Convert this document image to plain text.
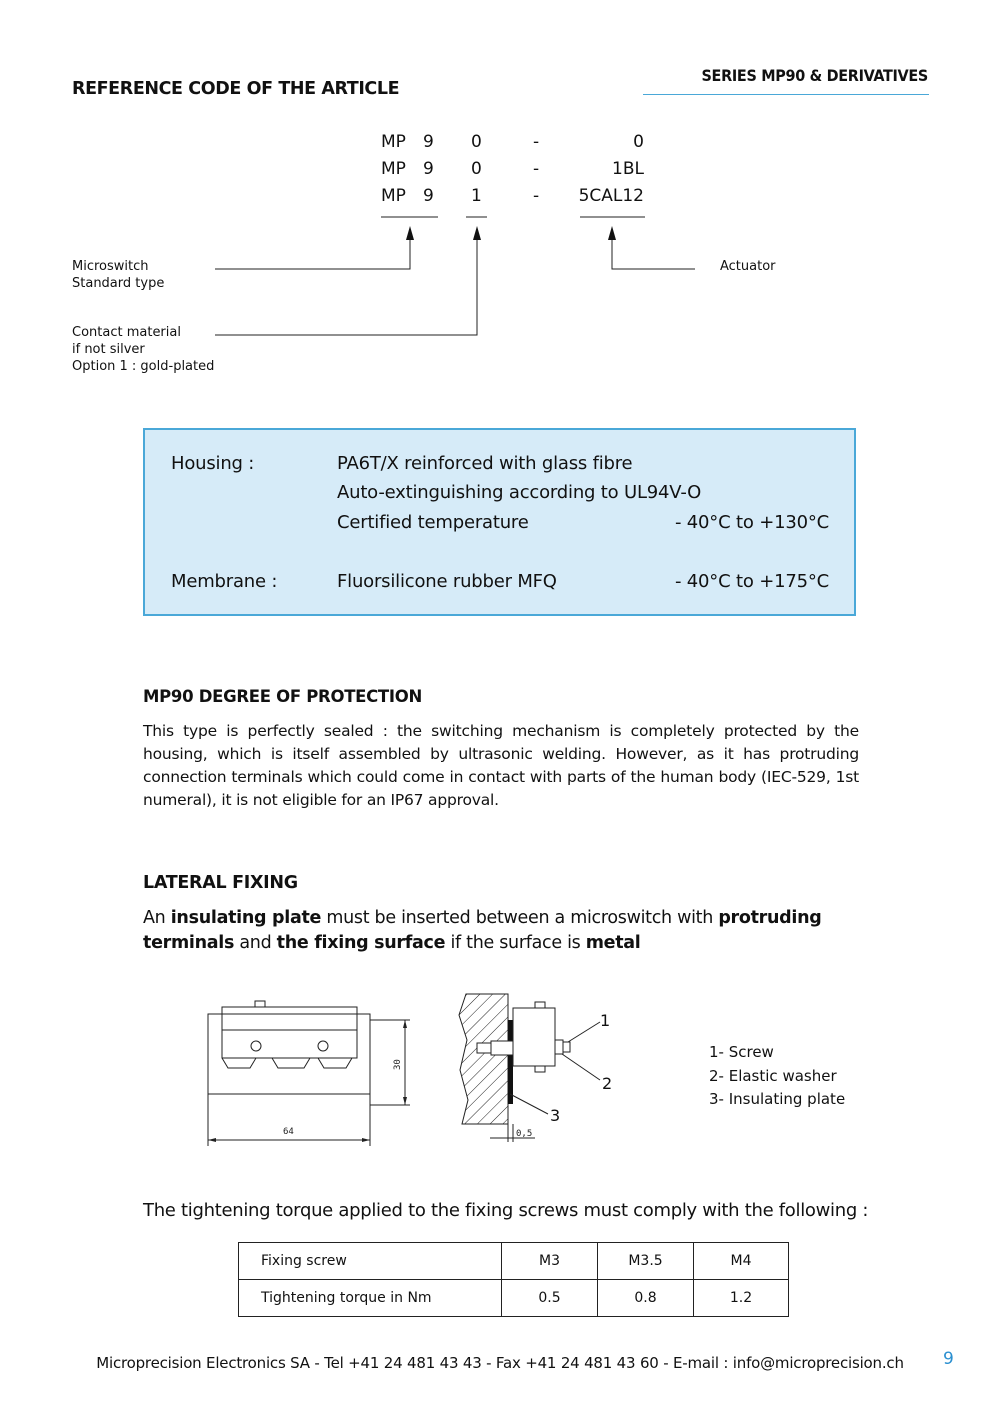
SERIES MP90 & DERIVATIVES
REFERENCE CODE OF THE ARTICLE
MP 9 0	-	0
MP 9 0	-	1BL
MP 9 1	-	5CAL12
Microswitch
Standard type
Contact material
if not silver
Option 1 : gold-plated
Actuator
Housing :	PA6T/X reinforced with glass fibre
Auto-extinguishing according to UL94V-O
Certified temperature	- 40°C to +130°C
Membrane :	Fluorsilicone rubber MFQ	- 40°C to +175°C
MP90 DEGREE OF PROTECTION
This type is perfectly sealed : the switching mechanism is completely protected by the housing, which is itself assembled by ultrasonic welding. However, as it has protruding connection terminals which could come in contact with parts of the human body (IEC-529, 1st numeral), it is not eligible for an IP67 approval.
LATERAL FIXING
An insulating plate must be inserted between a microswitch with protruding terminals and the fixing surface if the surface is metal
64
30
1
2
3
0,5
1- Screw
2- Elastic washer
3- Insulating plate
The tightening torque applied to the fixing screws must comply with the following :
Fixing screw	M3	M3.5	M4
Tightening torque in Nm	0.5	0.8	1.2
Microprecision Electronics SA - Tel +41 24 481 43 43 - Fax +41 24 481 43 60 - E-mail : info@microprecision.ch	9
